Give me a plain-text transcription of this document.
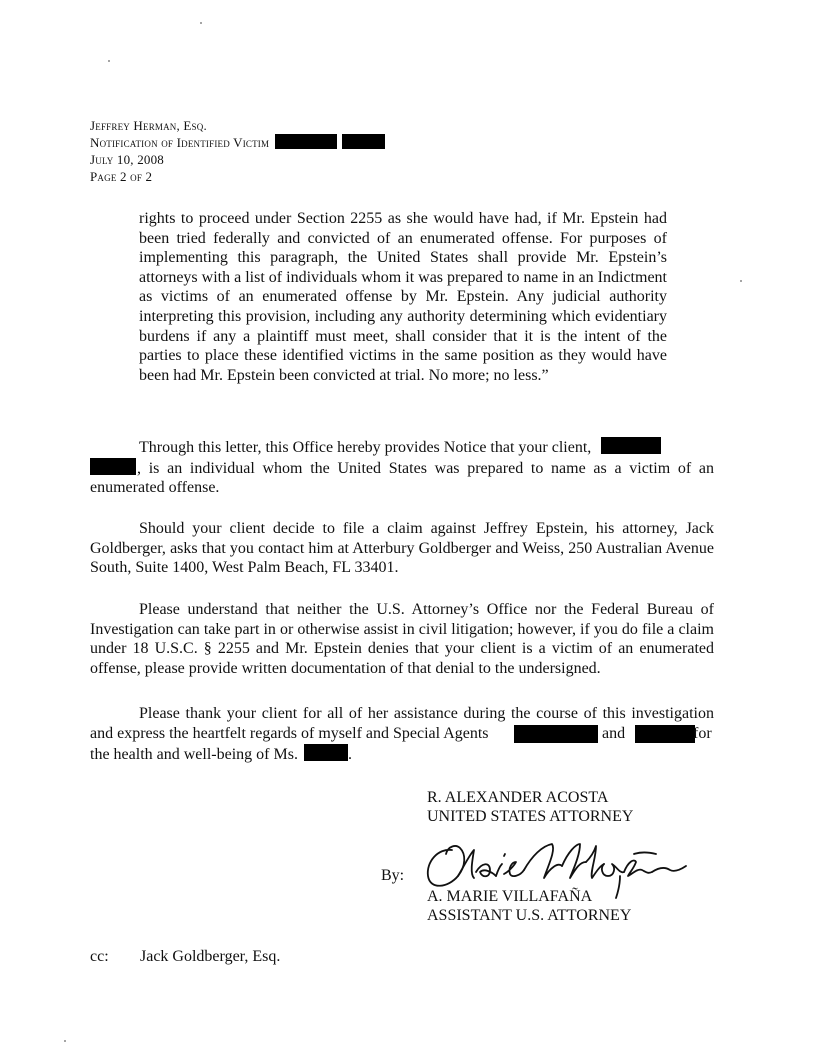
Jeffrey Herman, Esq.
Notification of Identified Victim
July 10, 2008
Page 2 of 2
rights to proceed under Section 2255 as she would have had, if Mr. Epstein had been tried federally and convicted of an enumerated offense. For purposes of implementing this paragraph, the United States shall provide Mr. Epstein’s attorneys with a list of individuals whom it was prepared to name in an Indictment as victims of an enumerated offense by Mr. Epstein. Any judicial authority interpreting this provision, including any authority determining which evidentiary burdens if any a plaintiff must meet, shall consider that it is the intent of the parties to place these identified victims in the same position as they would have been had Mr. Epstein been convicted at trial. No more; no less.”
Through this letter, this Office hereby provides Notice that your client,
, is an individual whom the United States was prepared to name as a victim of an enumerated offense.
Should your client decide to file a claim against Jeffrey Epstein, his attorney, Jack Goldberger, asks that you contact him at Atterbury Goldberger and Weiss, 250 Australian Avenue South, Suite 1400, West Palm Beach, FL 33401.
Please understand that neither the U.S. Attorney’s Office nor the Federal Bureau of Investigation can take part in or otherwise assist in civil litigation; however, if you do file a claim under 18 U.S.C. § 2255 and Mr. Epstein denies that your client is a victim of an enumerated offense, please provide written documentation of that denial to the undersigned.
Please thank your client for all of her assistance during the course of this investigation
and express the heartfelt regards of myself and Special Agents	and	for
the health and well-being of Ms.	.
R. ALEXANDER ACOSTA
UNITED STATES ATTORNEY
By:
A. MARIE VILLAFAÑA
ASSISTANT U.S. ATTORNEY
cc: Jack Goldberger, Esq.
